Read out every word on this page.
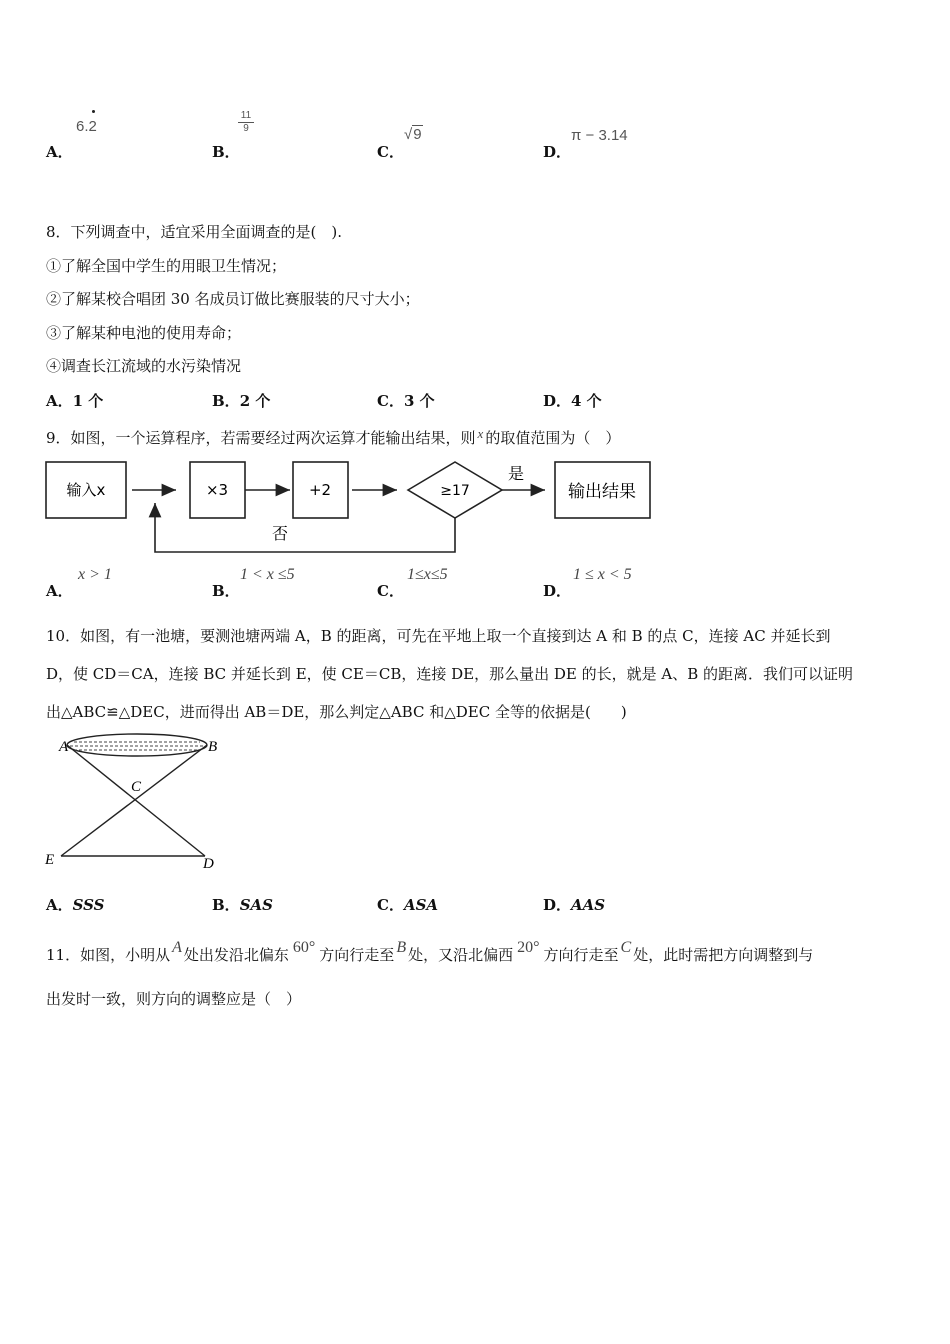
A．
6.2
B．
$\frac{11}{9}$
C．
√9
D．
π − 3.14
8．下列调查中，适宜采用全面调查的是(　).
①了解全国中学生的用眼卫生情况；
②了解某校合唱团 30 名成员订做比赛服装的尺寸大小；
③了解某种电池的使用寿命；
④调查长江流域的水污染情况
A．1 个	B．2 个	C．3 个	D．4 个
9．如图，一个运算程序，若需要经过两次运算才能输出结果，则 x 的取值范围为（　）
输入x	×3	+2	≥17
是
输出结果
否
A．
x > 1
B．
1 < x ≤5
C．
1≤x≤5
D．
1 ≤ x < 5
10．如图，有一池塘，要测池塘两端 A，B 的距离，可先在平地上取一个直接到达 A 和 B 的点 C，连接 AC 并延长到
D，使 CD＝CA，连接 BC 并延长到 E，使 CE＝CB，连接 DE，那么量出 DE 的长，就是 A、B 的距离．我们可以证明
出△ABC≌△DEC，进而得出 AB＝DE，那么判定△ABC 和△DEC 全等的依据是(　　)
A	B
C
E	D
A．SSS	B．SAS	C．ASA	D．AAS
11．如图，小明从 A 处出发沿北偏东 60° 方向行走至 B 处，又沿北偏西 20° 方向行走至 C 处，此时需把方向调整到与
出发时一致，则方向的调整应是（　）
